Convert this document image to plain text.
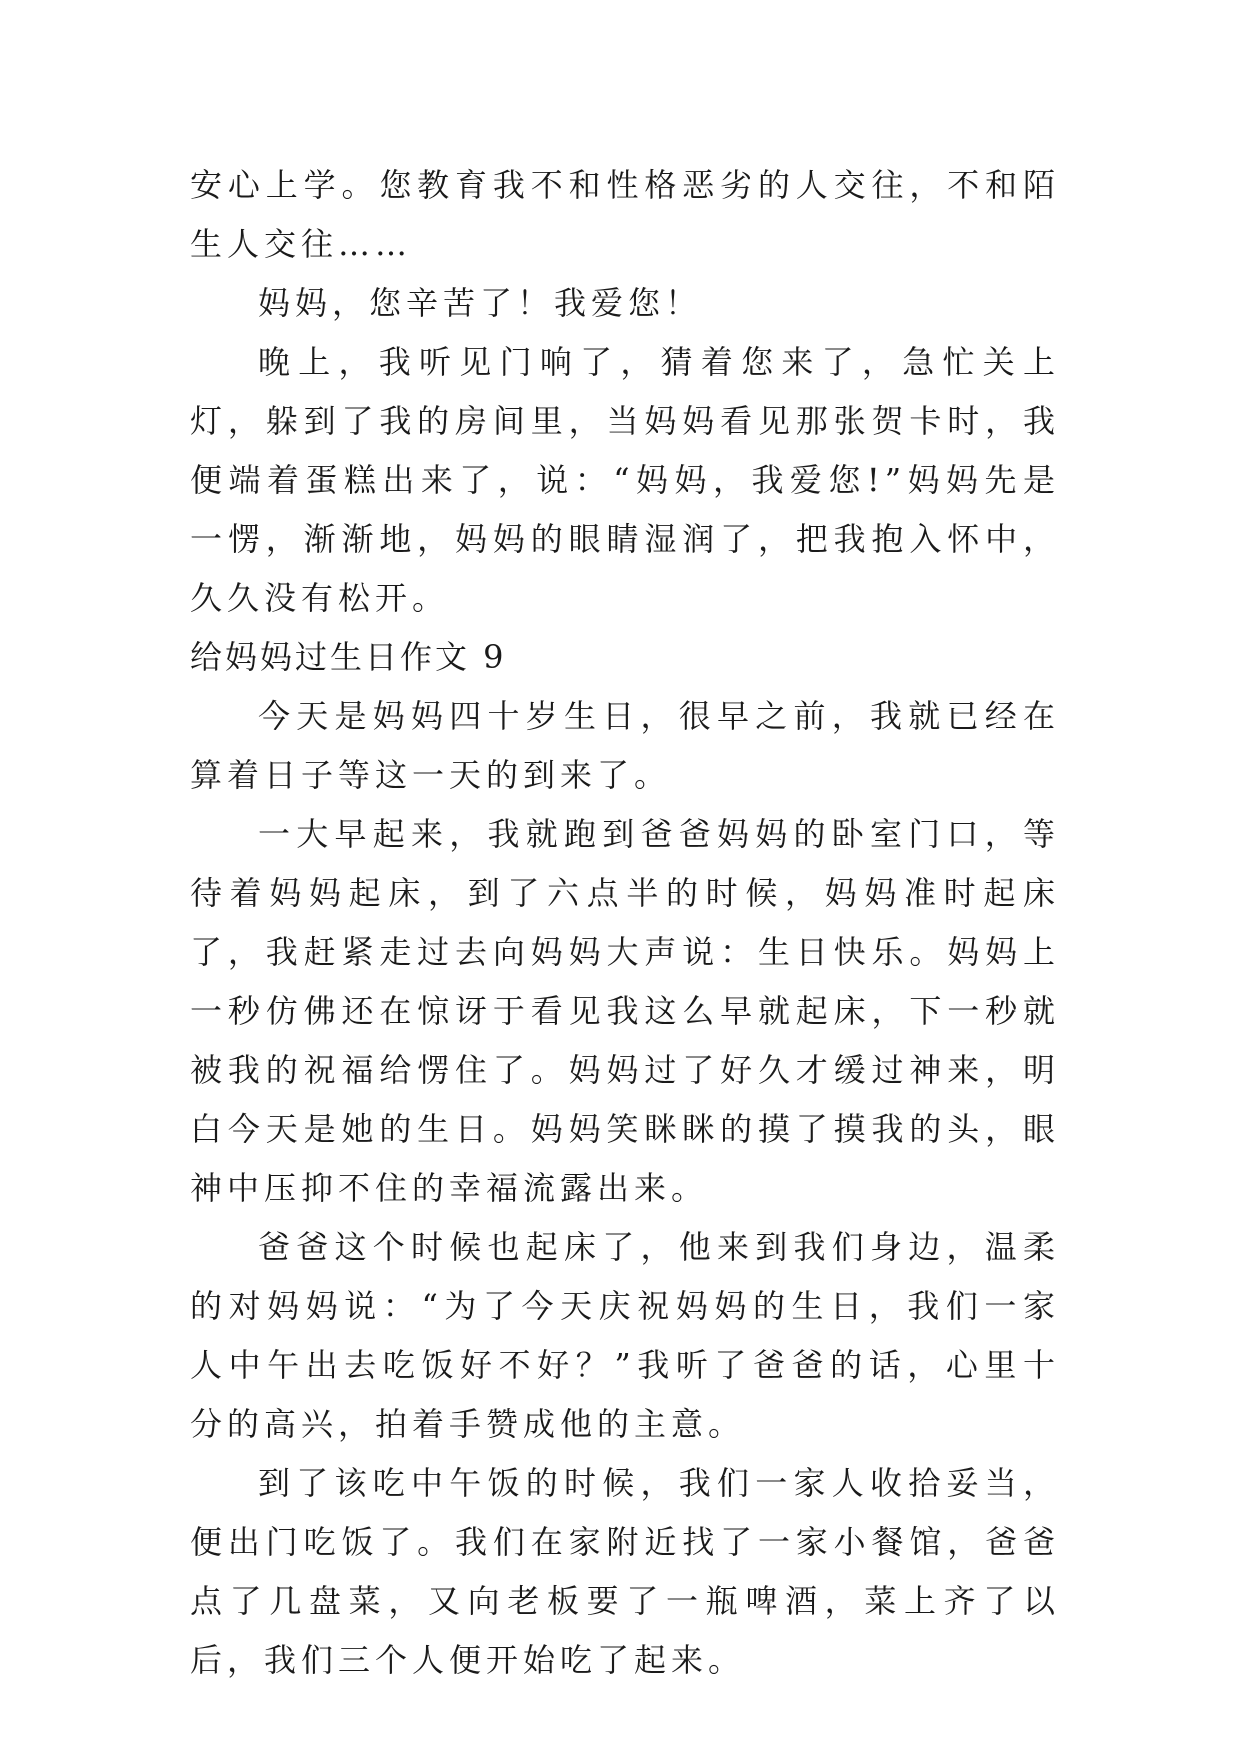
安心上学。您教育我不和性格恶劣的人交往，不和陌生人交往……

妈妈，您辛苦了！我爱您！

晚上，我听见门响了，猜着您来了，急忙关上灯，躲到了我的房间里，当妈妈看见那张贺卡时，我便端着蛋糕出来了，说：“妈妈，我爱您!”妈妈先是一愣，渐渐地，妈妈的眼睛湿润了，把我抱入怀中，久久没有松开。

给妈妈过生日作文 9

今天是妈妈四十岁生日，很早之前，我就已经在算着日子等这一天的到来了。

一大早起来，我就跑到爸爸妈妈的卧室门口，等待着妈妈起床，到了六点半的时候，妈妈准时起床了，我赶紧走过去向妈妈大声说：生日快乐。妈妈上一秒仿佛还在惊讶于看见我这么早就起床，下一秒就被我的祝福给愣住了。妈妈过了好久才缓过神来，明白今天是她的生日。妈妈笑眯眯的摸了摸我的头，眼神中压抑不住的幸福流露出来。

爸爸这个时候也起床了，他来到我们身边，温柔的对妈妈说：“为了今天庆祝妈妈的生日，我们一家人中午出去吃饭好不好？”我听了爸爸的话，心里十分的高兴，拍着手赞成他的主意。

到了该吃中午饭的时候，我们一家人收拾妥当，便出门吃饭了。我们在家附近找了一家小餐馆，爸爸点了几盘菜，又向老板要了一瓶啤酒，菜上齐了以后，我们三个人便开始吃了起来。
